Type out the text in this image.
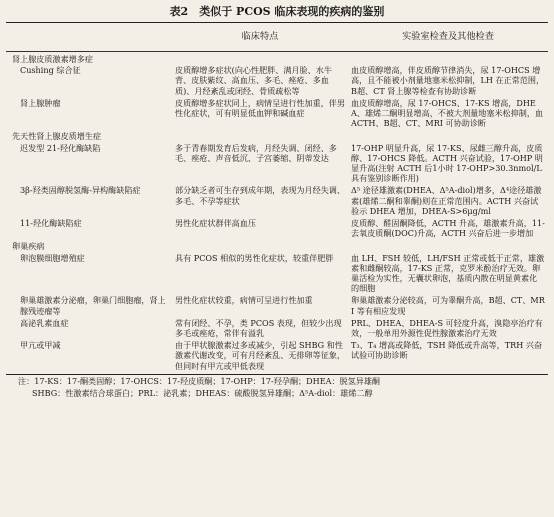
表2　类似于 PCOS 临床表现的疾病的鉴别
	临床特点	实验室检查及其他检查
肾上腺皮质激素增多症		
Cushing 综合征	皮质醇增多症状(向心性肥胖、满月脸、水牛背、皮肤紫纹、高血压、多毛、痤疮、多血质)、月经紊乱或闭经、骨质疏松等	血皮质醇增高，伴皮质醇节律消失，尿 17-OHCS 增高，且不能被小剂量地塞米松抑制，LH 在正常范围，B超、CT 肾上腺等检查有协助诊断
肾上腺肿瘤	皮质醇增多症状同上，病情呈进行性加重，伴男性化症状，可有明显低血钾和碱血症	血皮质醇增高，尿 17-OHCS、17-KS 增高，DHEA、雄烯二酮明显增高，不被大剂量地塞米松抑制，血 ACTH、B超、CT、MRI 可协助诊断
先天性肾上腺皮质增生症		
迟发型 21-羟化酶缺陷	多于青春期发育后发病，月经失调、闭经、多毛、痤疮、声音低沉、子宫萎缩、阴蒂发达	17-OHP 明显升高，尿 17-KS、尿雌三醇升高，皮质醇、17-OHCS 降低。ACTH 兴奋试验，17-OHP 明显升高(注射 ACTH 后1小时 17-OHP>30.3nmol/L 具有鉴别诊断作用)
3β-羟类固醇脱氢酶-异构酶缺陷症	部分缺乏者可生存到成年期，表现为月经失调、多毛、不孕等症状	Δ⁵ 途径雄激素(DHEA、Δ⁵A-diol)增多，Δ⁴途径雄激素(雄烯二酮和睾酮)则在正常范围内。ACTH 兴奋试验示 DHEA 增加，DHEA-S>6μg/ml
11-羟化酶缺陷症	男性化症状群伴高血压	皮质醇、醛固酮降低，ACTH 升高，雄激素升高，11-去氧皮质酮(DOC)升高，ACTH 兴奋后进一步增加
卵巢疾病		
卵泡膜细胞增殖症	具有 PCOS 相似的男性化症状，较重伴肥胖	血 LH、FSH 较低，LH/FSH 正常或低于正常，雄激素和雌酮较高，17-KS 正常，克罗米酚治疗无效。卵巢活检为实性，无囊状卵泡，基质内散在明显黄素化的细胞
卵巢雄激素分泌瘤，卵巢门细胞瘤，肾上腺残迹瘤等	男性化症状较重，病情可呈进行性加重	卵巢雄激素分泌较高，可为睾酮升高，B超、CT、MRI 等有相应发现
高泌乳素血症	常有闭经、不孕，类 PCOS 表现，但较少出现多毛或痤疮，常伴有溢乳	PRL、DHEA、DHEA-S 可轻度升高，溴隐亭治疗有效，一般单用外源性促性腺激素治疗无效
甲亢或甲减	由于甲状腺激素过多或减少，引起 SHBG 和性激素代谢改变，可有月经紊乱、无排卵等征象，但同时有甲亢或甲低表现	T₃、T₄ 增高或降低，TSH 降低或升高等，TRH 兴奋试验可协助诊断
注：17-KS：17-酮类固醇；17-OHCS：17-羟皮质酮；17-OHP：17-羟孕酮；DHEA：脱氢异雄酮
SHBG：性激素结合球蛋白；PRL：泌乳素；DHEAS：硫酸脱氢异雄酮；Δ⁵A-diol：雄烯二醇
